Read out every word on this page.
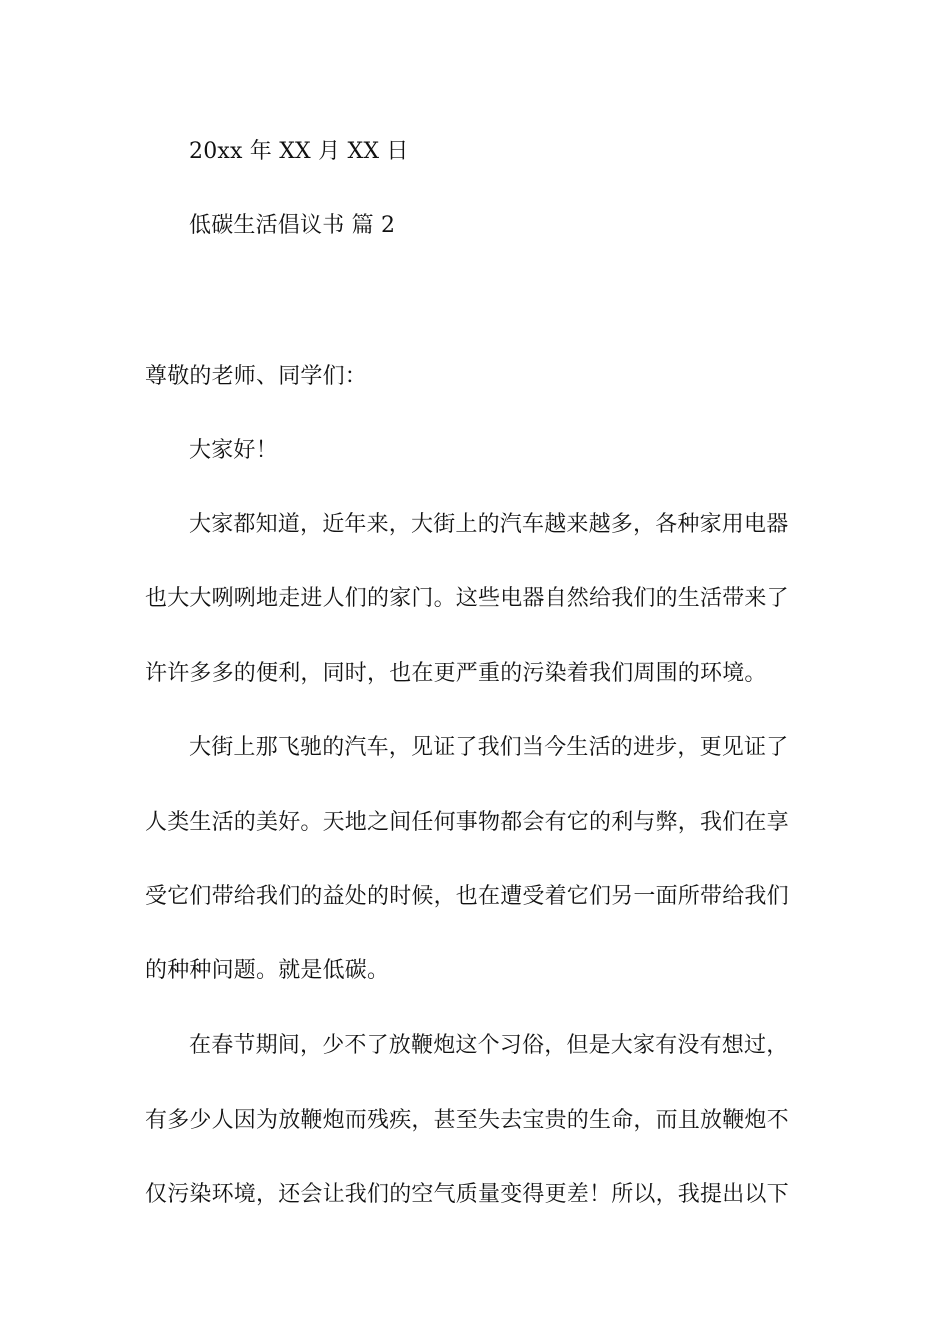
20xx 年 XX 月 XX 日
低碳生活倡议书 篇 2
尊敬的老师、同学们：
大家好！
大家都知道，近年来，大街上的汽车越来越多，各种家用电器
也大大咧咧地走进人们的家门。这些电器自然给我们的生活带来了
许许多多的便利，同时，也在更严重的污染着我们周围的环境。
大街上那飞驰的汽车，见证了我们当今生活的进步，更见证了
人类生活的美好。天地之间任何事物都会有它的利与弊，我们在享
受它们带给我们的益处的时候，也在遭受着它们另一面所带给我们
的种种问题。就是低碳。
在春节期间，少不了放鞭炮这个习俗，但是大家有没有想过，
有多少人因为放鞭炮而残疾，甚至失去宝贵的生命，而且放鞭炮不
仅污染环境，还会让我们的空气质量变得更差！所以，我提出以下
